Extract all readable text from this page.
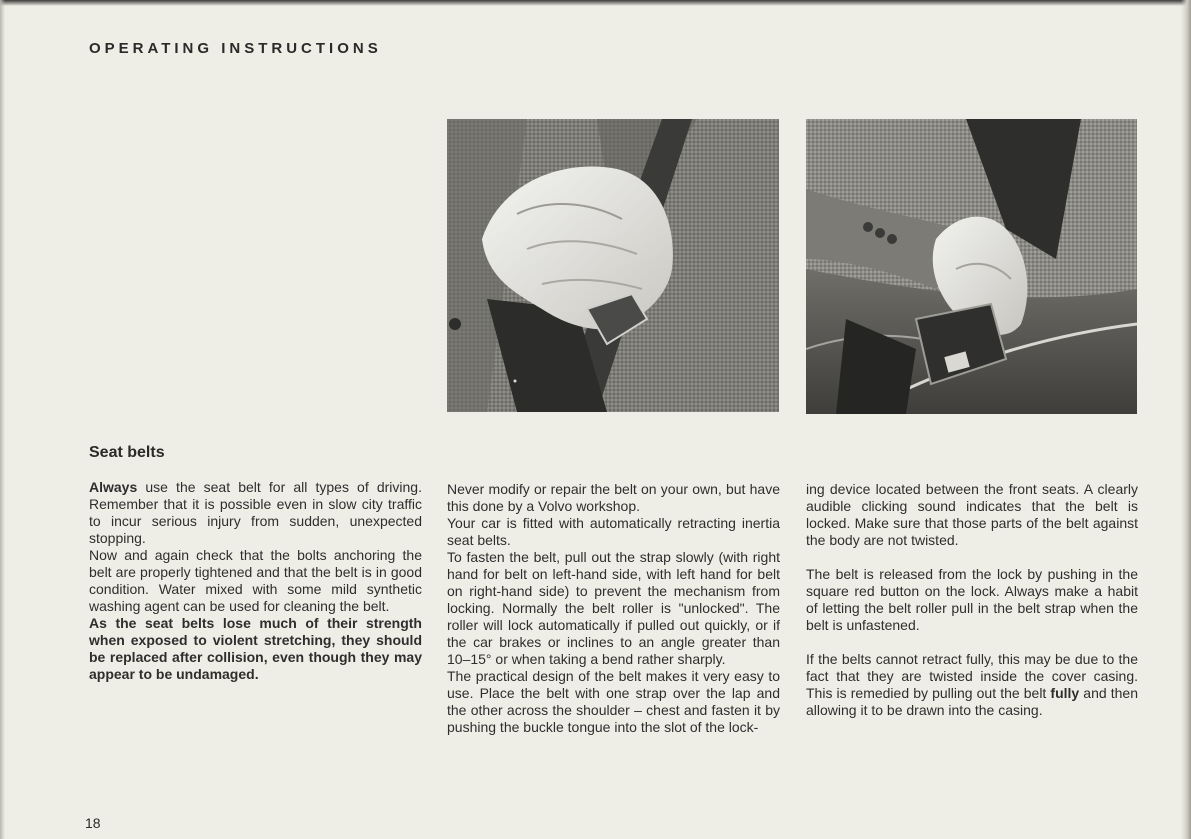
OPERATING INSTRUCTIONS
Seat belts

Always use the seat belt for all types of driving. Remember that it is possible even in slow city traffic to incur serious injury from sudden, unexpected stopping.

Now and again check that the bolts anchoring the belt are properly tightened and that the belt is in good condition. Water mixed with some mild synthetic washing agent can be used for cleaning the belt.

As the seat belts lose much of their strength when exposed to violent stretching, they should be replaced after collision, even though they may appear to be undamaged.

Never modify or repair the belt on your own, but have this done by a Volvo workshop.

Your car is fitted with automatically retracting inertia seat belts.

To fasten the belt, pull out the strap slowly (with right hand for belt on left-hand side, with left hand for belt on right-hand side) to prevent the mechanism from locking. Normally the belt roller is "unlocked". The roller will lock automatically if pulled out quickly, or if the car brakes or inclines to an angle greater than 10–15° or when taking a bend rather sharply.

The practical design of the belt makes it very easy to use. Place the belt with one strap over the lap and the other across the shoulder – chest and fasten it by pushing the buckle tongue into the slot of the lock-

ing device located between the front seats. A clearly audible clicking sound indicates that the belt is locked. Make sure that those parts of the belt against the body are not twisted.

The belt is released from the lock by pushing in the square red button on the lock. Always make a habit of letting the belt roller pull in the belt strap when the belt is unfastened.

If the belts cannot retract fully, this may be due to the fact that they are twisted inside the cover casing. This is remedied by pulling out the belt fully and then allowing it to be drawn into the casing.

18
